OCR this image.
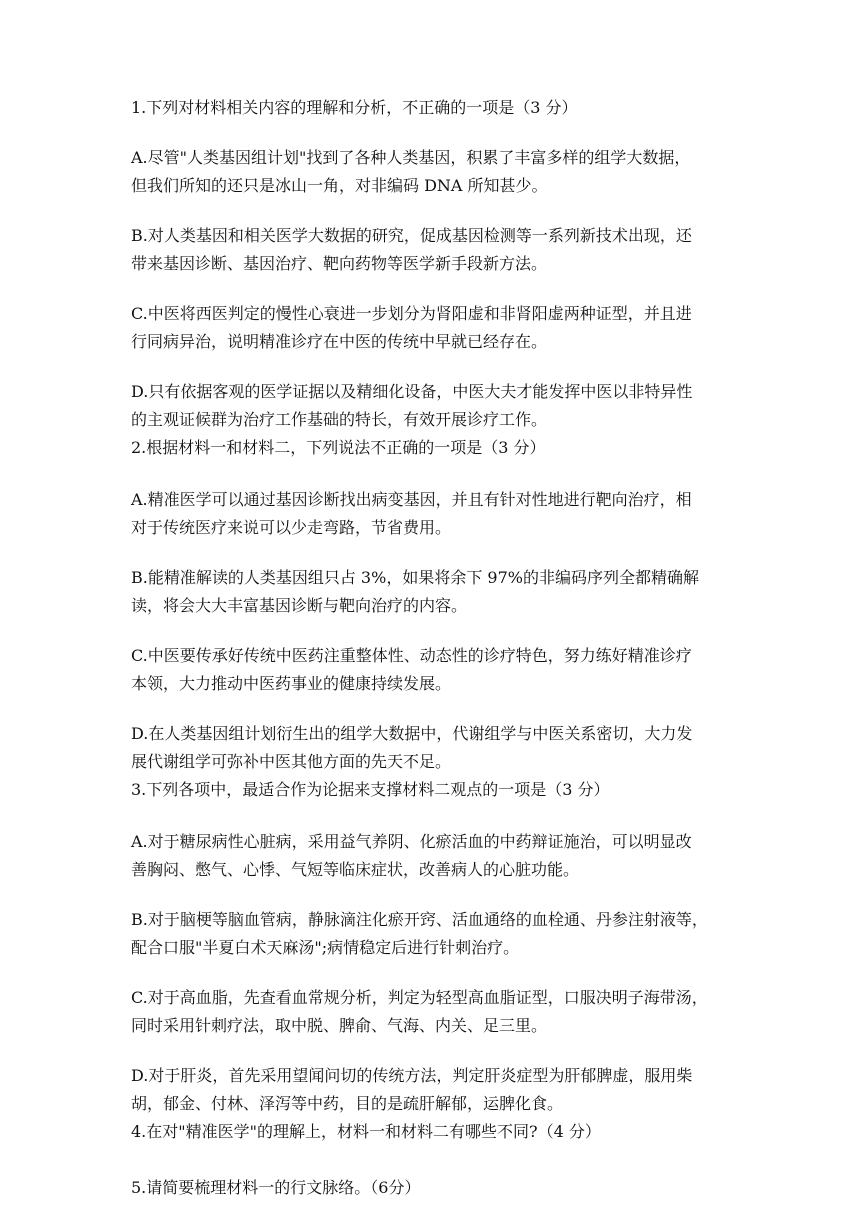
1.下列对材料相关内容的理解和分析，不正确的一项是（3 分）

A.尽管"人类基因组计划"找到了各种人类基因，积累了丰富多样的组学大数据，
但我们所知的还只是冰山一角，对非编码 DNA 所知甚少。

B.对人类基因和相关医学大数据的研究，促成基因检测等一系列新技术出现，还
带来基因诊断、基因治疗、靶向药物等医学新手段新方法。

C.中医将西医判定的慢性心衰进一步划分为肾阳虚和非肾阳虚两种证型，并且进
行同病异治，说明精准诊疗在中医的传统中早就已经存在。

D.只有依据客观的医学证据以及精细化设备，中医大夫才能发挥中医以非特异性
的主观证候群为治疗工作基础的特长，有效开展诊疗工作。

2.根据材料一和材料二，下列说法不正确的一项是（3 分）

A.精准医学可以通过基因诊断找出病变基因，并且有针对性地进行靶向治疗，相
对于传统医疗来说可以少走弯路，节省费用。

B.能精准解读的人类基因组只占 3%，如果将余下 97%的非编码序列全都精确解
读，将会大大丰富基因诊断与靶向治疗的内容。

C.中医要传承好传统中医药注重整体性、动态性的诊疗特色，努力练好精准诊疗
本领，大力推动中医药事业的健康持续发展。

D.在人类基因组计划衍生出的组学大数据中，代谢组学与中医关系密切，大力发
展代谢组学可弥补中医其他方面的先天不足。

3.下列各项中，最适合作为论据来支撑材料二观点的一项是（3 分）

A.对于糖尿病性心脏病，采用益气养阴、化瘀活血的中药辩证施治，可以明显改
善胸闷、憋气、心悸、气短等临床症状，改善病人的心脏功能。

B.对于脑梗等脑血管病，静脉滴注化瘀开窍、活血通络的血栓通、丹参注射液等，
配合口服"半夏白术天麻汤";病情稳定后进行针刺治疗。

C.对于高血脂，先查看血常规分析，判定为轻型高血脂证型，口服决明子海带汤，
同时采用针刺疗法，取中脱、脾俞、气海、内关、足三里。

D.对于肝炎，首先采用望闻问切的传统方法，判定肝炎症型为肝郁脾虚，服用柴
胡，郁金、付林、泽泻等中药，目的是疏肝解郁，运脾化食。

4.在对"精准医学"的理解上，材料一和材料二有哪些不同?（4 分）

5.请简要梳理材料一的行文脉络。（6分）
